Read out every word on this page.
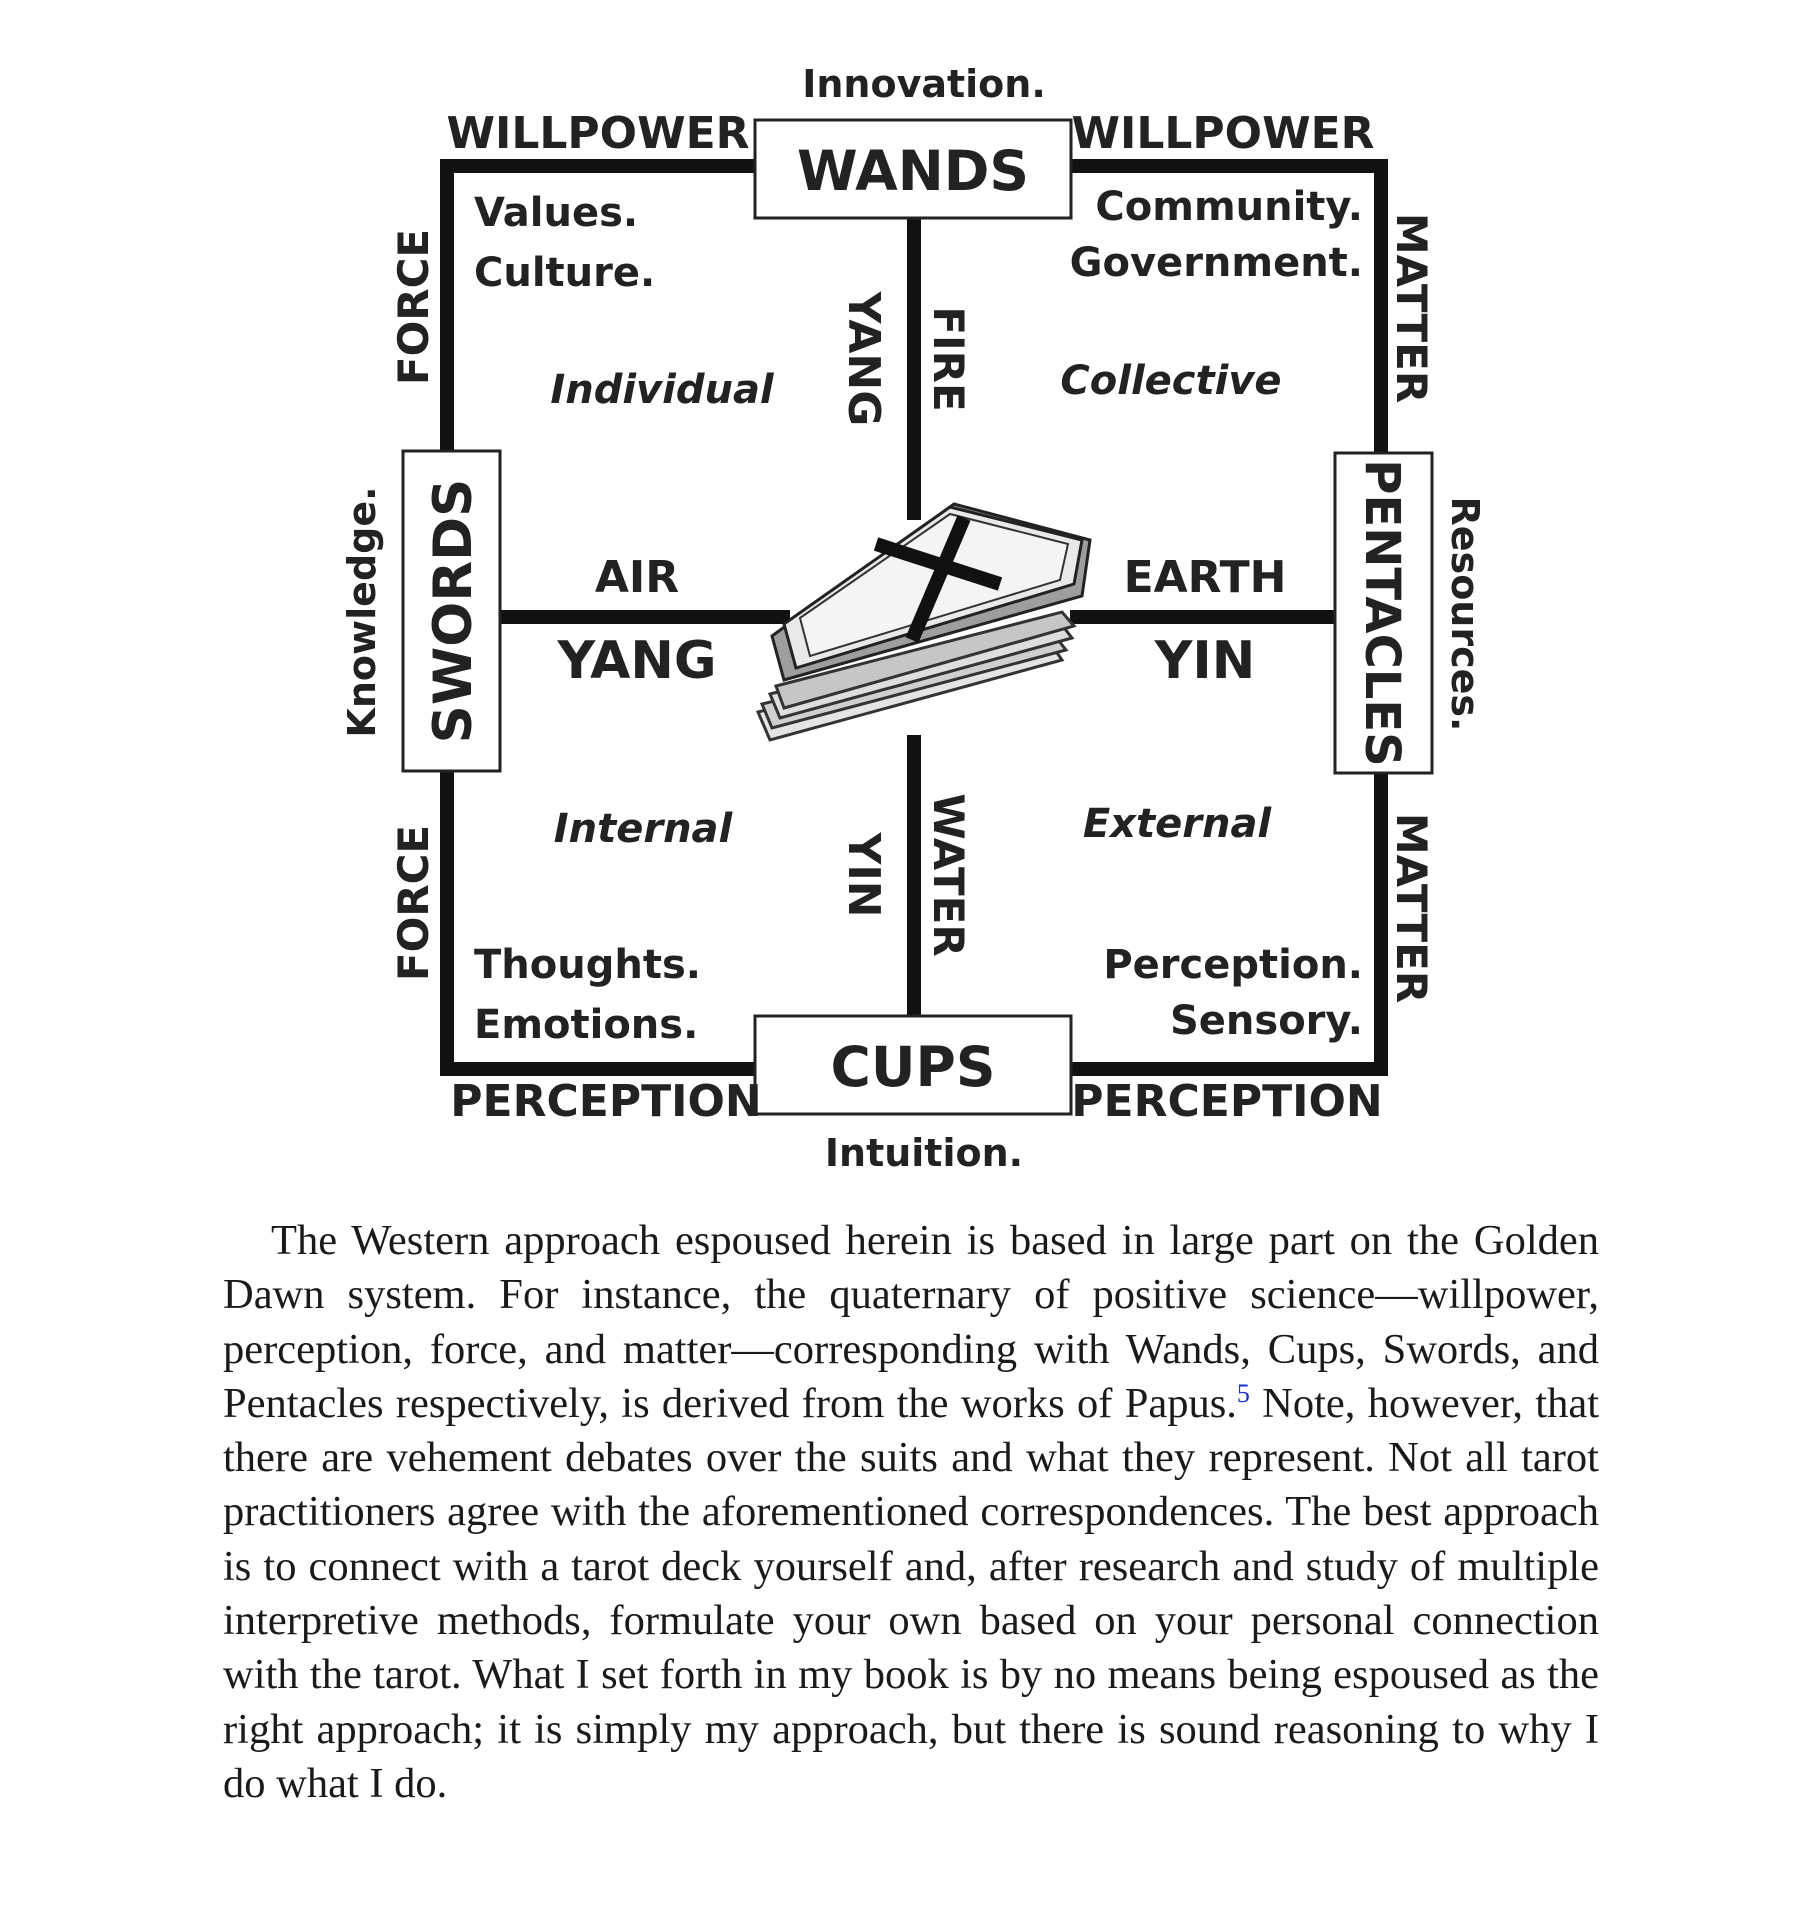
WANDS
CUPS
SWORDS	PENTACLES
Innovation.
Intuition.
Knowledge.	Resources.
WILLPOWER	WILLPOWER
PERCEPTION	PERCEPTION
FORCE
FORCE
MATTER
MATTER
YANG FIRE
YIN WATER
AIR
YANG
EARTH
YIN
Values.
Culture.
Individual
Community.
Government.
Collective
Internal
Thoughts.
Emotions.
External
Perception.
Sensory.

The Western approach espoused herein is based in large part on the Golden Dawn system. For instance, the quaternary of positive science—willpower, perception, force, and matter—corresponding with Wands, Cups, Swords, and Pentacles respectively, is derived from the works of Papus.$^5$ Note, however, that there are vehement debates over the suits and what they represent. Not all tarot practitioners agree with the aforementioned correspondences. The best approach is to connect with a tarot deck yourself and, after research and study of multiple interpretive methods, formulate your own based on your personal connection with the tarot. What I set forth in my book is by no means being espoused as the right approach; it is simply my approach, but there is sound reasoning to why I do what I do.
